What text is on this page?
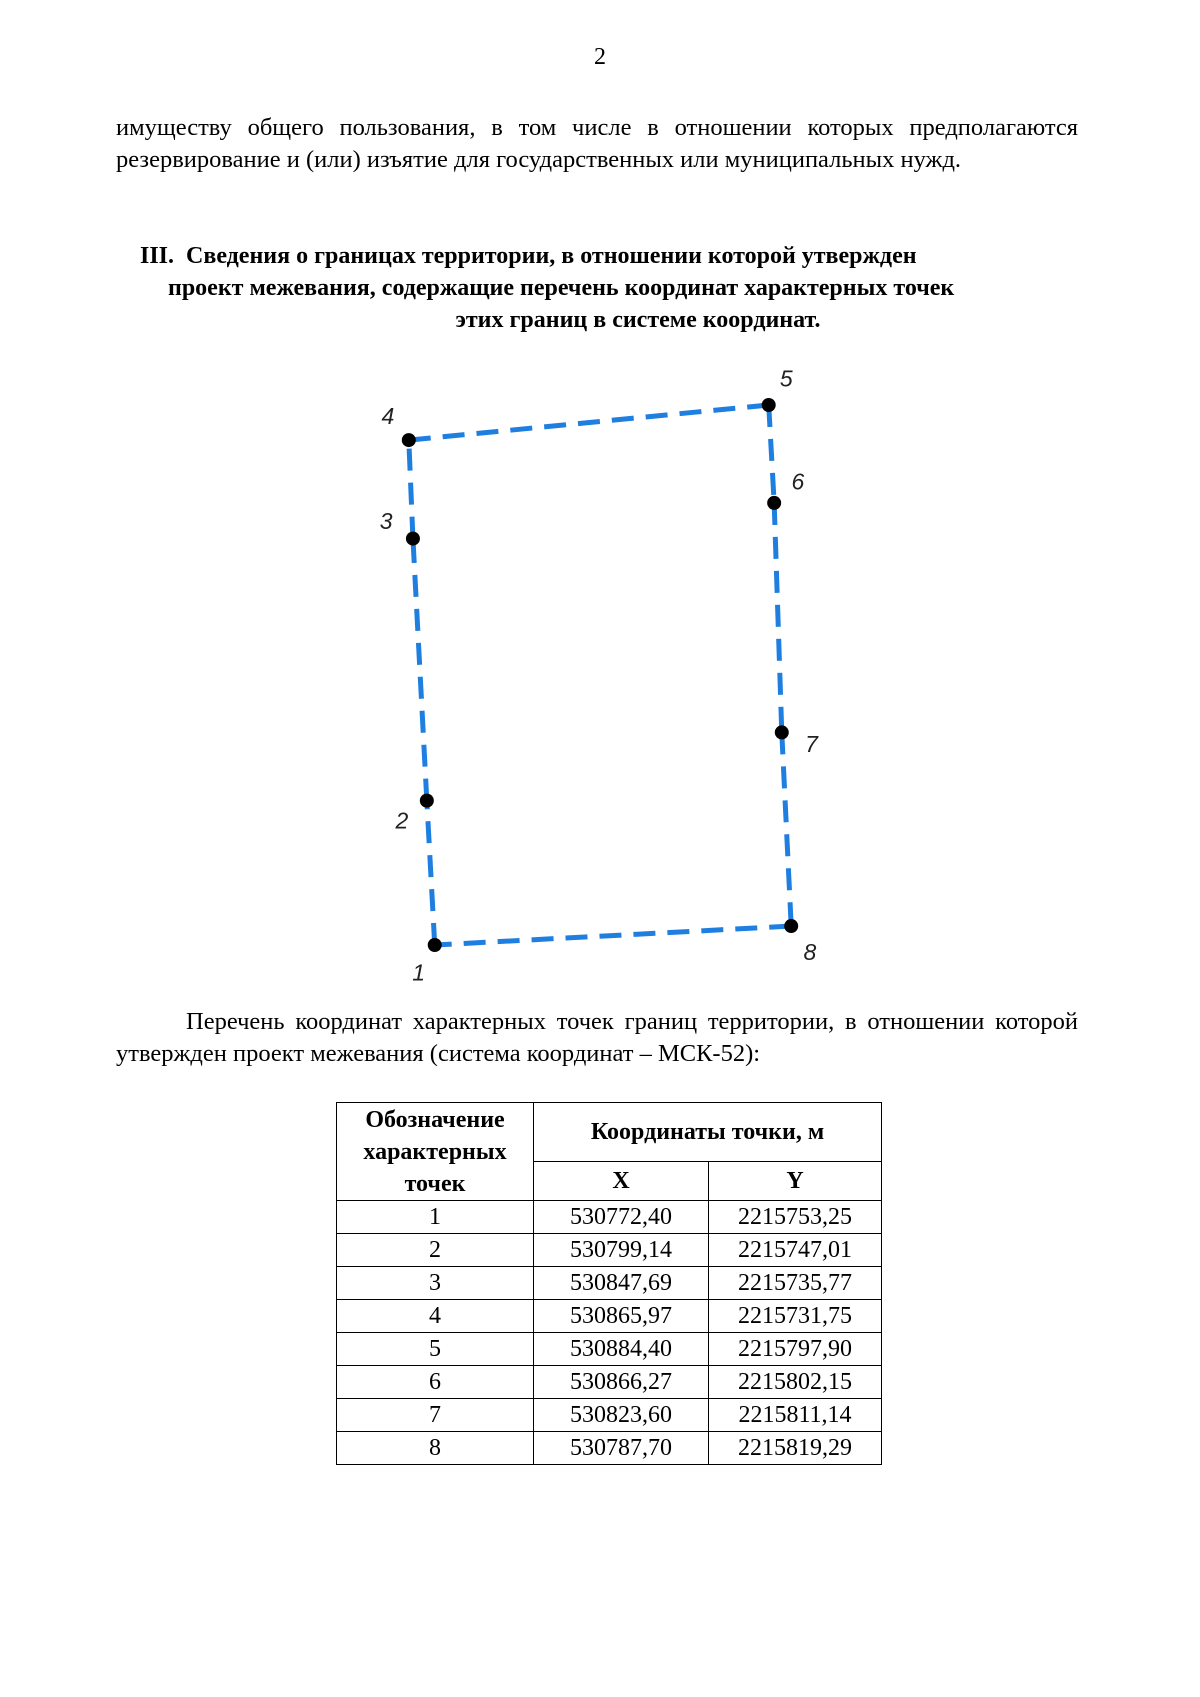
2

имуществу общего пользования, в том числе в отношении которых предполагаются резервирование и (или) изъятие для государственных или муниципальных нужд.

III. Сведения о границах территории, в отношении которой утвержден
проект межевания, содержащие перечень координат характерных точек
этих границ в системе координат.
1
2
3
4
5
6
7
8

Перечень координат характерных точек границ территории, в отношении которой утвержден проект межевания (система координат – МСК-52):

Обозначение характерных точек	Координаты точки, м	
	X	Y
1	530772,40	2215753,25
2	530799,14	2215747,01
3	530847,69	2215735,77
4	530865,97	2215731,75
5	530884,40	2215797,90
6	530866,27	2215802,15
7	530823,60	2215811,14
8	530787,70	2215819,29
